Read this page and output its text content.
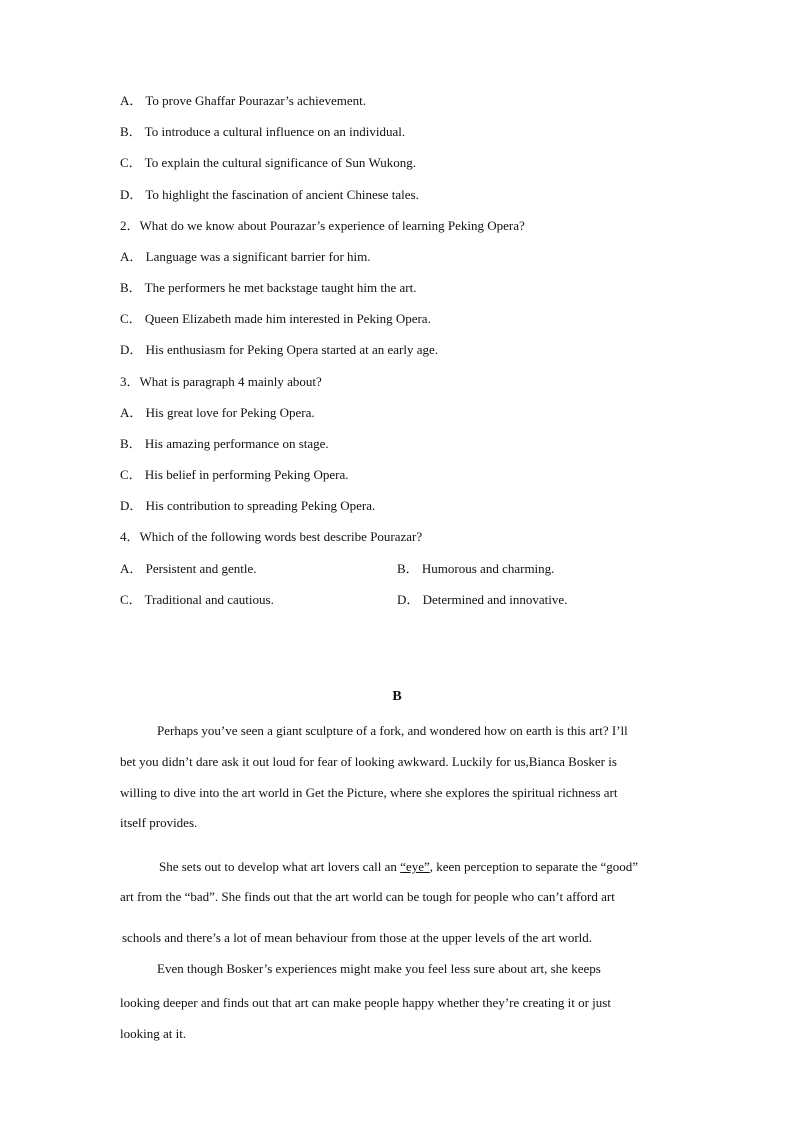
A． To prove Ghaffar Pourazar’s achievement.
B． To introduce a cultural influence on an individual.
C． To explain the cultural significance of Sun Wukong.
D． To highlight the fascination of ancient Chinese tales.
2．What do we know about Pourazar’s experience of learning Peking Opera?
A． Language was a significant barrier for him.
B． The performers he met backstage taught him the art.
C． Queen Elizabeth made him interested in Peking Opera.
D． His enthusiasm for Peking Opera started at an early age.
3．What is paragraph 4 mainly about?
A． His great love for Peking Opera.
B． His amazing performance on stage.
C． His belief in performing Peking Opera.
D． His contribution to spreading Peking Opera.
4．Which of the following words best describe Pourazar?
A． Persistent and gentle.	B． Humorous and charming.
C． Traditional and cautious.	D． Determined and innovative.
B
Perhaps you’ve seen a giant sculpture of a fork, and wondered how on earth is this art? I’ll
bet you didn’t dare ask it out loud for fear of looking awkward. Luckily for us,Bianca Bosker is
willing to dive into the art world in Get the Picture, where she explores the spiritual richness art
itself provides.
She sets out to develop what art lovers call an “eye”, keen perception to separate the “good”
art from the “bad”. She finds out that the art world can be tough for people who can’t afford art
schools and there’s a lot of mean behaviour from those at the upper levels of the art world.
Even though Bosker’s experiences might make you feel less sure about art, she keeps
looking deeper and finds out that art can make people happy whether they’re creating it or just
looking at it.
